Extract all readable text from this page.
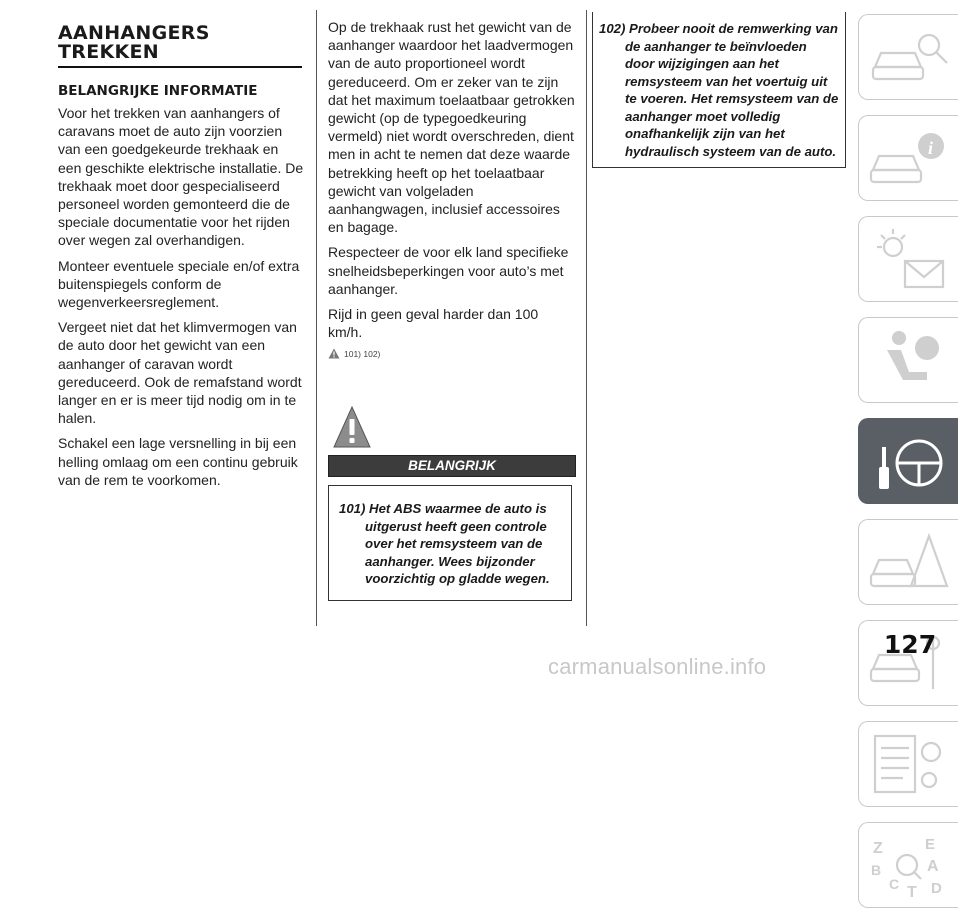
AANHANGERS TREKKEN
BELANGRIJKE INFORMATIE

Voor het trekken van aanhangers of caravans moet de auto zijn voorzien van een goedgekeurde trekhaak en een geschikte elektrische installatie. De trekhaak moet door gespecialiseerd personeel worden gemonteerd die de speciale documentatie voor het rijden over wegen zal overhandigen.

Monteer eventuele speciale en/of extra buitenspiegels conform de wegenverkeersreglement.

Vergeet niet dat het klimvermogen van de auto door het gewicht van een aanhanger of caravan wordt gereduceerd. Ook de remafstand wordt langer en er is meer tijd nodig om in te halen.

Schakel een lage versnelling in bij een helling omlaag om een continu gebruik van de rem te voorkomen.

Op de trekhaak rust het gewicht van de aanhanger waardoor het laadvermogen van de auto proportioneel wordt gereduceerd. Om er zeker van te zijn dat het maximum toelaatbaar getrokken gewicht (op de typegoedkeuring vermeld) niet wordt overschreden, dient men in acht te nemen dat deze waarde betrekking heeft op het toelaatbaar gewicht van volgeladen aanhangwagen, inclusief accessoires en bagage.

Respecteer de voor elk land specifieke snelheidsbeperkingen voor auto’s met aanhanger.

Rijd in geen geval harder dan 100 km/h.

101) 102)
BELANGRIJK

101) Het ABS waarmee de auto is uitgerust heeft geen controle over het remsysteem van de aanhanger. Wees bijzonder voorzichtig op gladde wegen.

102) Probeer nooit de remwerking van de aanhanger te beïnvloeden door wijzigingen aan het remsysteem van het voertuig uit te voeren. Het remsysteem van de aanhanger moet volledig onafhankelijk zijn van het hydraulisch systeem van de auto.	i
Z	E
B	A
C D
T
127
carmanualsonline.info
